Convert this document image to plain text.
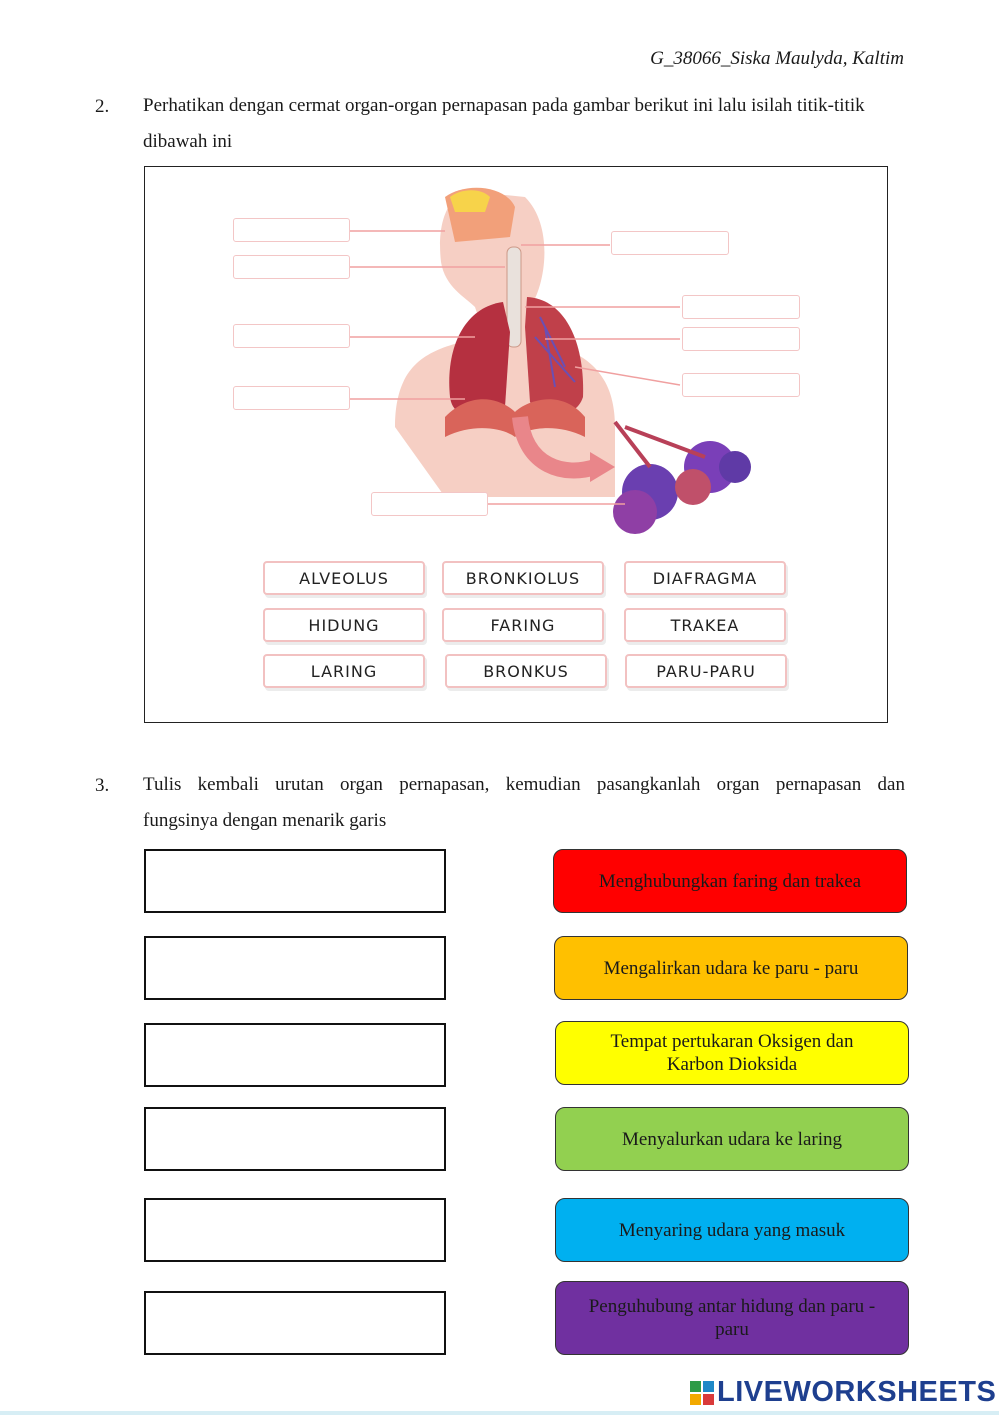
G_38066_Siska Maulyda, Kaltim
2. Perhatikan dengan cermat organ-organ pernapasan pada gambar berikut ini lalu isilah titik-titik
dibawah ini
ALVEOLUS	BRONKIOLUS	DIAFRAGMA
HIDUNG	FARING	TRAKEA
LARING	BRONKUS	PARU-PARU
3. Tulis kembali urutan organ pernapasan, kemudian pasangkanlah organ pernapasan dan
fungsinya dengan menarik garis
Menghubungkan faring dan trakea
Mengalirkan udara ke paru - paru
Tempat pertukaran Oksigen dan
Karbon Dioksida
Menyalurkan udara ke laring
Menyaring udara yang masuk
Penguhubung antar hidung dan paru -
paru
LIVEWORKSHEETS
